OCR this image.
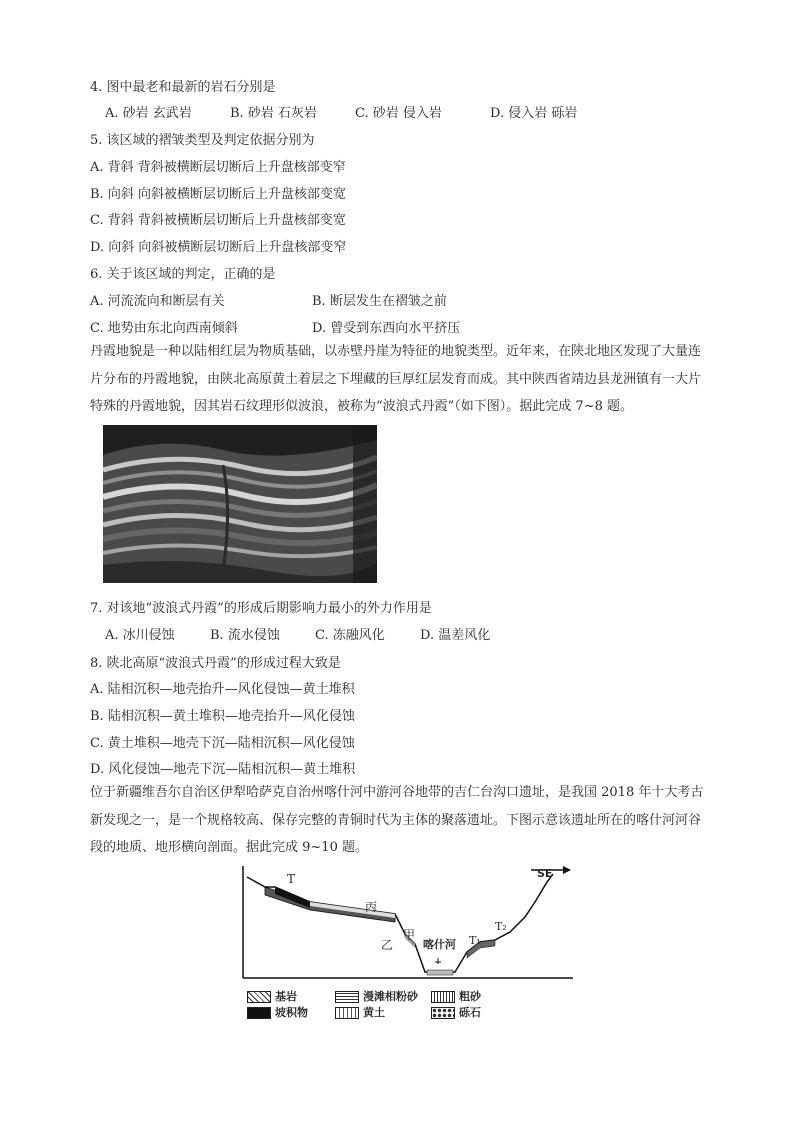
4. 图中最老和最新的岩石分别是
A. 砂岩 玄武岩	B. 砂岩 石灰岩	C. 砂岩 侵入岩	D. 侵入岩 砾岩
5. 该区域的褶皱类型及判定依据分别为
A. 背斜 背斜被横断层切断后上升盘核部变窄
B. 向斜 向斜被横断层切断后上升盘核部变宽
C. 背斜 背斜被横断层切断后上升盘核部变宽
D. 向斜 向斜被横断层切断后上升盘核部变窄
6. 关于该区域的判定，正确的是
A. 河流流向和断层有关	B. 断层发生在褶皱之前
C. 地势由东北向西南倾斜	D. 曾受到东西向水平挤压
丹霞地貌是一种以陆相红层为物质基础，以赤壁丹崖为特征的地貌类型。近年来，在陕北地区发现了大量连片分布的丹霞地貌，由陕北高原黄土着层之下埋藏的巨厚红层发育而成。其中陕西省靖边县龙洲镇有一大片特殊的丹霞地貌，因其岩石纹理形似波浪，被称为“波浪式丹霞”（如下图）。据此完成 7~8 题。
7. 对该地“波浪式丹霞”的形成后期影响力最小的外力作用是
A. 冰川侵蚀	B. 流水侵蚀	C. 冻融风化	D. 温差风化
8. 陕北高原“波浪式丹霞”的形成过程大致是
A. 陆相沉积—地壳抬升—风化侵蚀—黄土堆积
B. 陆相沉积—黄土堆积—地壳抬升—风化侵蚀
C. 黄土堆积—地壳下沉—陆相沉积—风化侵蚀
D. 风化侵蚀—地壳下沉—陆相沉积—黄土堆积
位于新疆维吾尔自治区伊犁哈萨克自治州喀什河中游河谷地带的吉仁台沟口遗址，是我国 2018 年十大考古新发现之一，是一个规格较高、保存完整的青铜时代为主体的聚落遗址。下图示意该遗址所在的喀什河河谷段的地质、地形横向剖面。据此完成 9~10 题。
SE
T
丙
甲
乙	喀什河 T₁
T₂
基岩	漫滩相粉砂	粗砂
坡积物	黄土	砾石
